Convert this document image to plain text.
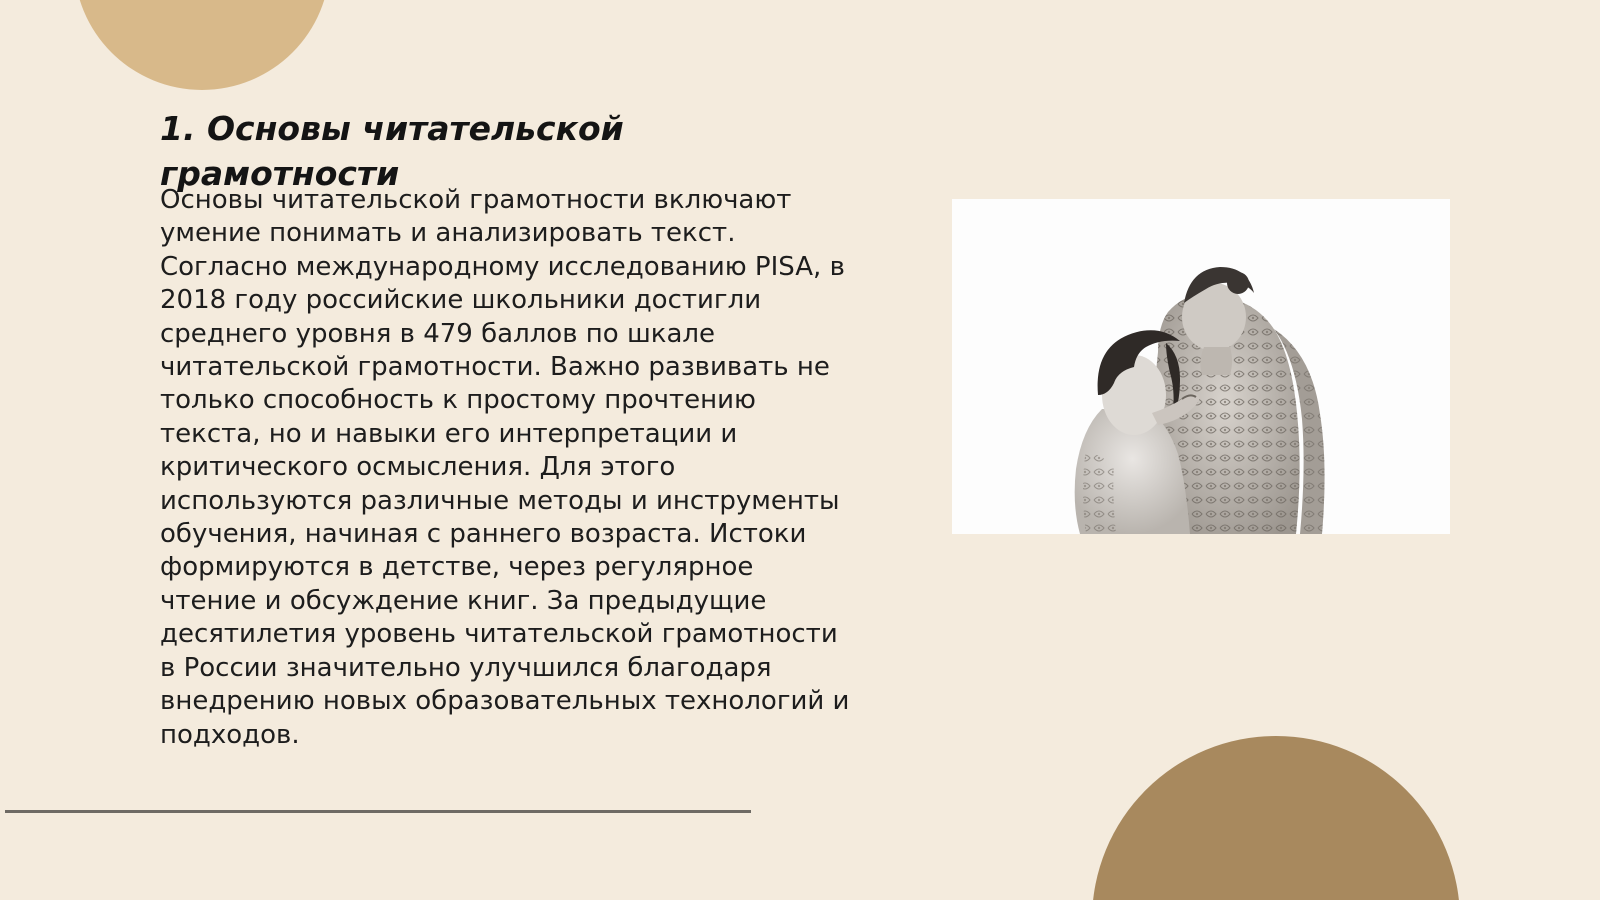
1. Основы читательской грамотности

Основы читательской грамотности включают умение понимать и анализировать текст. Согласно международному исследованию PISA, в 2018 году российские школьники достигли среднего уровня в 479 баллов по шкале читательской грамотности. Важно развивать не только способность к простому прочтению текста, но и навыки его интерпретации и критического осмысления. Для этого используются различные методы и инструменты обучения, начиная с раннего возраста. Истоки формируются в детстве, через регулярное чтение и обсуждение книг. За предыдущие десятилетия уровень читательской грамотности в России значительно улучшился благодаря внедрению новых образовательных технологий и подходов.
